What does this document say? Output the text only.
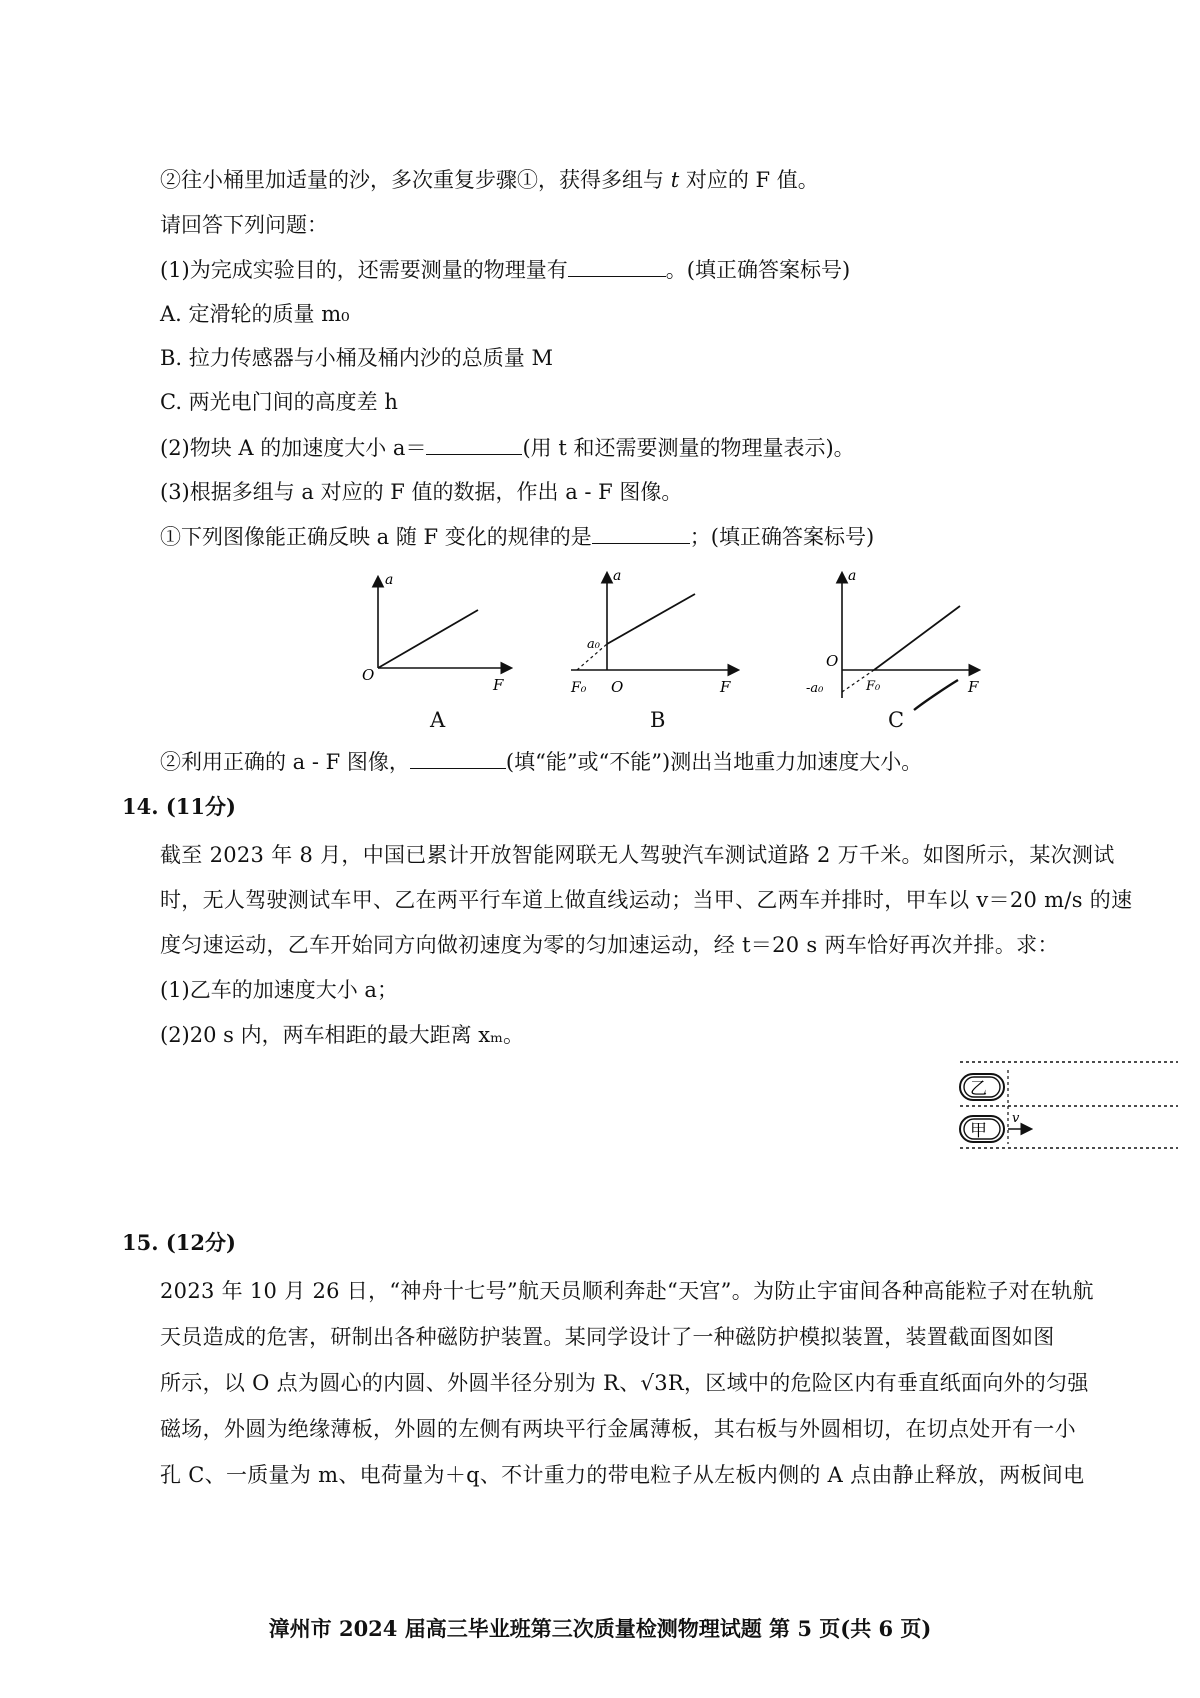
②往小桶里加适量的沙，多次重复步骤①，获得多组与 t 对应的 F 值。
请回答下列问题：
(1)为完成实验目的，还需要测量的物理量有	。(填正确答案标号)
A. 定滑轮的质量 m₀
B. 拉力传感器与小桶及桶内沙的总质量 M
C. 两光电门间的高度差 h
(2)物块 A 的加速度大小 a＝	(用 t 和还需要测量的物理量表示)。
(3)根据多组与 a 对应的 F 值的数据，作出 a - F 图像。
①下列图像能正确反映 a 随 F 变化的规律的是	；(填正确答案标号)
a
O
F
A
a
a₀
F₀ O	F
B
a
O
-a₀	F₀	F
C
②利用正确的 a - F 图像，	(填“能”或“不能”)测出当地重力加速度大小。
14. (11分)
截至 2023 年 8 月，中国已累计开放智能网联无人驾驶汽车测试道路 2 万千米。如图所示，某次测试
时，无人驾驶测试车甲、乙在两平行车道上做直线运动；当甲、乙两车并排时，甲车以 v＝20 m/s 的速
度匀速运动，乙车开始同方向做初速度为零的匀加速运动，经 t＝20 s 两车恰好再次并排。求：
(1)乙车的加速度大小 a；
(2)20 s 内，两车相距的最大距离 xₘ。
乙
甲
v
15. (12分)
2023 年 10 月 26 日，“神舟十七号”航天员顺利奔赴“天宫”。为防止宇宙间各种高能粒子对在轨航
天员造成的危害，研制出各种磁防护装置。某同学设计了一种磁防护模拟装置，装置截面图如图
所示，以 O 点为圆心的内圆、外圆半径分别为 R、√3R，区域中的危险区内有垂直纸面向外的匀强
磁场，外圆为绝缘薄板，外圆的左侧有两块平行金属薄板，其右板与外圆相切，在切点处开有一小
孔 C、一质量为 m、电荷量为＋q、不计重力的带电粒子从左板内侧的 A 点由静止释放，两板间电
漳州市 2024 届高三毕业班第三次质量检测物理试题 第 5 页(共 6 页)
